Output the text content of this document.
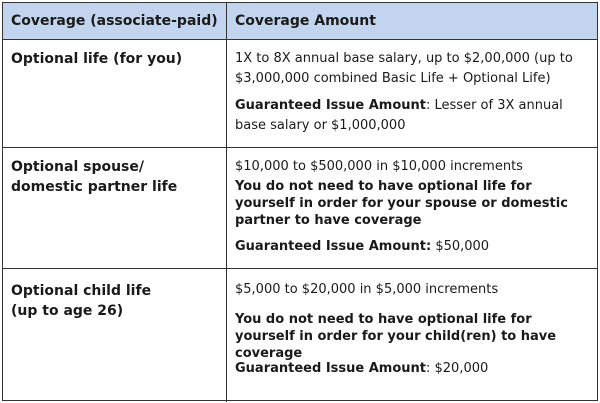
Coverage (associate-paid)	Coverage Amount
Optional life (for you)	1X to 8X annual base salary, up to $2,00,000 (up to $3,000,000 combined Basic Life + Optional Life)
Guaranteed Issue Amount: Lesser of 3X annual base salary or $1,000,000
Optional spouse/
domestic partner life
$10,000 to $500,000 in $10,000 increments
You do not need to have optional life for yourself in order for your spouse or domestic partner to have coverage
Guaranteed Issue Amount: $50,000
Optional child life
(up to age 26)
$5,000 to $20,000 in $5,000 increments
You do not need to have optional life for yourself in order for your child(ren) to have coverage
Guaranteed Issue Amount: $20,000
